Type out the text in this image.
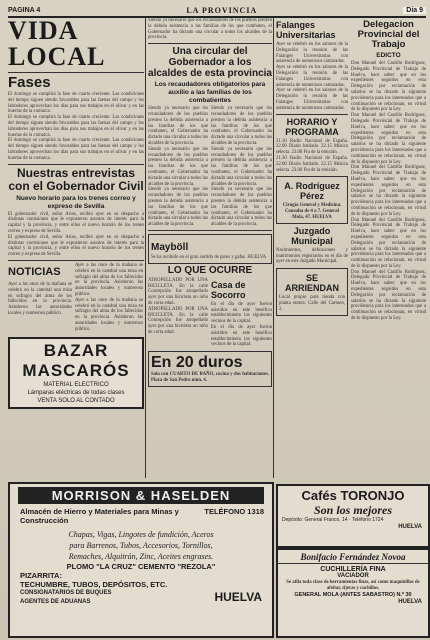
PAGINA 4	LA PROVINCIA	Dia 9
VIDA LOCAL
Fases

El domingo se cumplirá la fase de cuarto creciente. Las condiciones del tiempo siguen siendo favorables para las faenas del campo y los labradores aprovechan los días para sus trabajos en el olivar y en las huertas de la comarca.

El domingo se cumplirá la fase de cuarto creciente. Las condiciones del tiempo siguen siendo favorables para las faenas del campo y los labradores aprovechan los días para sus trabajos en el olivar y en las huertas de la comarca.

El domingo se cumplirá la fase de cuarto creciente. Las condiciones del tiempo siguen siendo favorables para las faenas del campo y los labradores aprovechan los días para sus trabajos en el olivar y en las huertas de la comarca.

Nuestras entrevistas con el Gobernador Civil
Nuevo horario para los trenes correo y expreso de Sevilla

El gobernador civil, señor Arias, recibió ayer en su despacho a distintas comisiones que le expusieron asuntos de interés para la capital y la provincia, y entre ellos el nuevo horario de los trenes correo y expreso de Sevilla.

El gobernador civil, señor Arias, recibió ayer en su despacho a distintas comisiones que le expusieron asuntos de interés para la capital y la provincia, y entre ellos el nuevo horario de los trenes correo y expreso de Sevilla.

NOTICIAS

Ayer a las once de la mañana se celebró en la catedral una misa en sufragio del alma de los fallecidos en la provincia. Asistieron las autoridades locales y numeroso público.

Ayer a las once de la mañana se celebró en la catedral una misa en sufragio del alma de los fallecidos en la provincia. Asistieron las autoridades locales y numeroso público.

Ayer a las once de la mañana se celebró en la catedral una misa en sufragio del alma de los fallecidos en la provincia. Asistieron las autoridades locales y numeroso público.

BAZAR MASCARÓS
MATERIAL ELECTRICO
Lámparas eléctricas de todas clases
VENTA SOLO AL CONTADO

Siendo ya necesario que los recaudadores de los pueblos presten la debida asistencia a las familias de los que combaten, el Gobernador ha dictado una circular a todos los alcaldes de la provincia.

Una circular del Gobernador a los alcaldes de esta provincia
Los recaudadores obligatorios para auxilio a las familias de los combatientes

Siendo ya necesario que los recaudadores de los pueblos presten la debida asistencia a las familias de los que combaten, el Gobernador ha dictado una circular a todos los alcaldes de la provincia.

Siendo ya necesario que los recaudadores de los pueblos presten la debida asistencia a las familias de los que combaten, el Gobernador ha dictado una circular a todos los alcaldes de la provincia.

Siendo ya necesario que los recaudadores de los pueblos presten la debida asistencia a las familias de los que combaten, el Gobernador ha dictado una circular a todos los alcaldes de la provincia.

Siendo ya necesario que los recaudadores de los pueblos presten la debida asistencia a las familias de los que combaten, el Gobernador ha dictado una circular a todos los alcaldes de la provincia.

Siendo ya necesario que los recaudadores de los pueblos presten la debida asistencia a las familias de los que combaten, el Gobernador ha dictado una circular a todos los alcaldes de la provincia.

Siendo ya necesario que los recaudadores de los pueblos presten la debida asistencia a las familias de los que combaten, el Gobernador ha dictado una circular a todos los alcaldes de la provincia.

Mayböll

Se ha recibido en el gran surtido de pares y gafas. HUELVA

LO QUE OCURRE

ATROPELLADO POR UNA BICICLETA. En la calle Concepción fue atropellado ayer por una bicicleta un niño de corta edad.

ATROPELLADO POR UNA BICICLETA. En la calle Concepción fue atropellado ayer por una bicicleta un niño de corta edad.

Casa de Socorro

En el día de ayer fueron asistidos en este benéfico establecimiento los siguientes vecinos de la capital.

En el día de ayer fueron asistidos en este benéfico establecimiento los siguientes vecinos de la capital.

En 20 duros

Sala con CUARTO DE BAÑO, cocina y dos habitaciones. Plaza de San Pedro núm. 4.

Falanges Universitarias

Ayer se celebró en los salones de la Delegación la reunión de las Falanges Universitarias con asistencia de numerosos camaradas.

Ayer se celebró en los salones de la Delegación la reunión de las Falanges Universitarias con asistencia de numerosos camaradas.

Ayer se celebró en los salones de la Delegación la reunión de las Falanges Universitarias con asistencia de numerosos camaradas.

HORARIO Y PROGRAMA

21.30 Radio Nacional de España. 22.00 Diario hablado. 22.15 Música selecta. 23.00 Fin de la emisión.

21.30 Radio Nacional de España. 22.00 Diario hablado. 22.15 Música selecta. 23.00 Fin de la emisión.

A. Rodríguez Pérez

Cirugía General y Medicina. Consulta de 4 a 7. General Mola, 47. HUELVA

Juzgado Municipal

Nacimientos, defunciones y matrimonios registrados en el día de ayer en este Juzgado Municipal.

SE ARRIENDAN

Local propio para tienda con planta entera. Calle del Carmen, 2.

Delegacion Provincial del Trabajo
EDICTO

Don Manuel del Castillo Rodríguez, Delegado Provincial de Trabajo de Huelva, hace saber: que en los expedientes seguidos en esta Delegación por reclamación de salarios se ha dictado la siguiente providencia para los interesados que a continuación se relacionan, en virtud de lo dispuesto por la Ley.

Don Manuel del Castillo Rodríguez, Delegado Provincial de Trabajo de Huelva, hace saber: que en los expedientes seguidos en esta Delegación por reclamación de salarios se ha dictado la siguiente providencia para los interesados que a continuación se relacionan, en virtud de lo dispuesto por la Ley.

Don Manuel del Castillo Rodríguez, Delegado Provincial de Trabajo de Huelva, hace saber: que en los expedientes seguidos en esta Delegación por reclamación de salarios se ha dictado la siguiente providencia para los interesados que a continuación se relacionan, en virtud de lo dispuesto por la Ley.

Don Manuel del Castillo Rodríguez, Delegado Provincial de Trabajo de Huelva, hace saber: que en los expedientes seguidos en esta Delegación por reclamación de salarios se ha dictado la siguiente providencia para los interesados que a continuación se relacionan, en virtud de lo dispuesto por la Ley.

Don Manuel del Castillo Rodríguez, Delegado Provincial de Trabajo de Huelva, hace saber: que en los expedientes seguidos en esta Delegación por reclamación de salarios se ha dictado la siguiente providencia para los interesados que a continuación se relacionan, en virtud de lo dispuesto por la Ley.

MORRISON & HASELDEN
Almacén de Hierro y Materiales para Minas y Construcción
TELÉFONO 1318
Chapas, Vigas, Lingotes de fundición, Aceros
para Barrenos, Tubos, Accesorios, Tornillos,
Remaches, Alquitrán, Zinc, Aceites engrases.
PLOMO "LA CRUZ" CEMENTO "REZOLA"
PIZARRITA:
TECHUMBRE, TUBOS, DEPÓSITOS, ETC.
CONSIGNATARIOS DE BUQUES
AGENTES DE ADUANAS	HUELVA
Cafés TORONJO
Son los mejores
Depósito: General Franco, 14 · Teléfono 1724
HUELVA
Bonifacio Fernández Novoa
CUCHILLERÍA FINA
VACIADOR

Se afila toda clase de herramientas finas, así como maquinillas de afeitar, tijeras y cuchillos.

GENERAL MOLA (ANTES SABASTRO) N.º 30
HUELVA
